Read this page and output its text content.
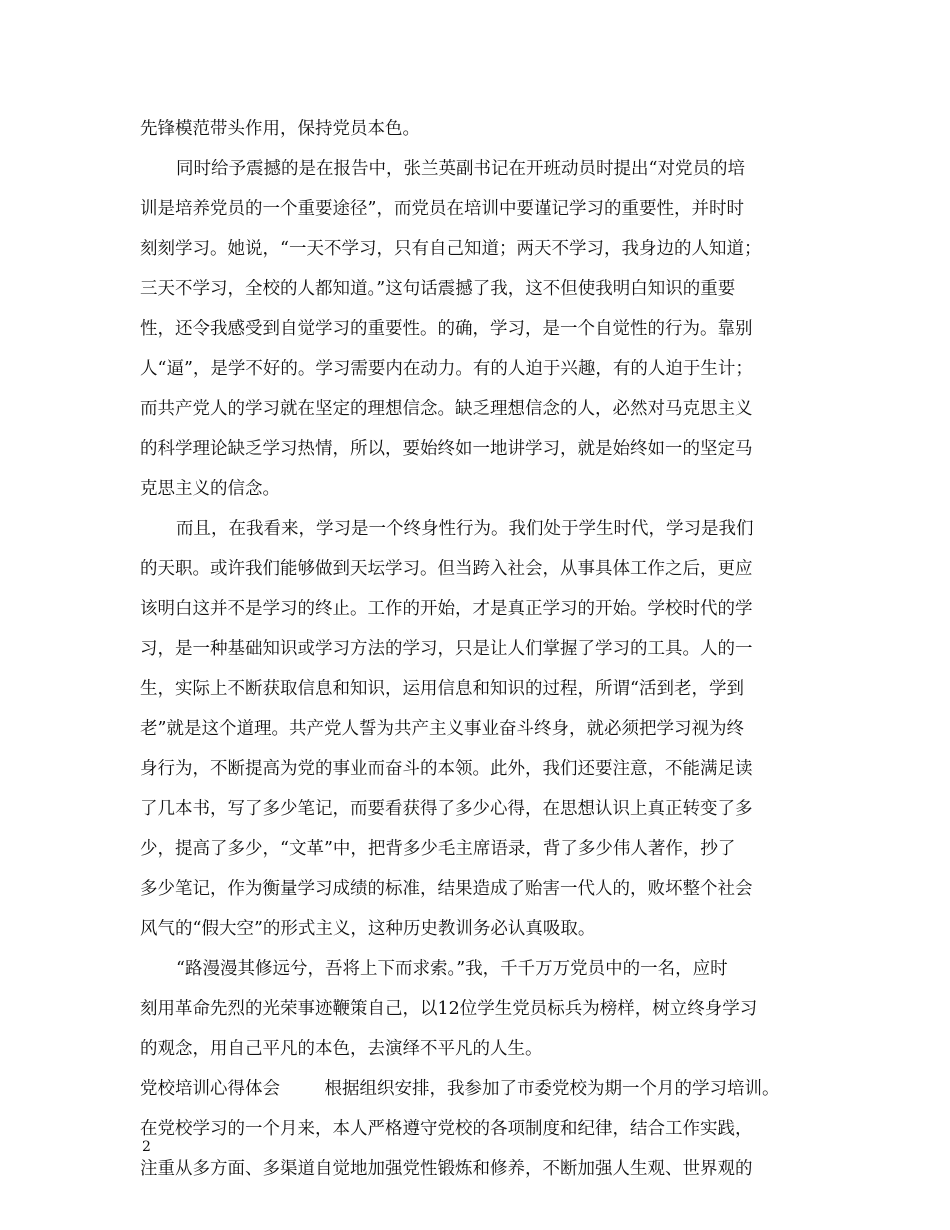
先锋模范带头作用，保持党员本色。
同时给予震撼的是在报告中，张兰英副书记在开班动员时提出“对党员的培
训是培养党员的一个重要途径”，而党员在培训中要谨记学习的重要性，并时时
刻刻学习。她说，“一天不学习，只有自己知道；两天不学习，我身边的人知道；
三天不学习，全校的人都知道。”这句话震撼了我，这不但使我明白知识的重要
性，还令我感受到自觉学习的重要性。的确，学习，是一个自觉性的行为。靠别
人“逼”，是学不好的。学习需要内在动力。有的人迫于兴趣，有的人迫于生计；
而共产党人的学习就在坚定的理想信念。缺乏理想信念的人，必然对马克思主义
的科学理论缺乏学习热情，所以，要始终如一地讲学习，就是始终如一的坚定马
克思主义的信念。
而且，在我看来，学习是一个终身性行为。我们处于学生时代，学习是我们
的天职。或许我们能够做到天坛学习。但当跨入社会，从事具体工作之后，更应
该明白这并不是学习的终止。工作的开始，才是真正学习的开始。学校时代的学
习，是一种基础知识或学习方法的学习，只是让人们掌握了学习的工具。人的一
生，实际上不断获取信息和知识，运用信息和知识的过程，所谓“活到老，学到
老”就是这个道理。共产党人誓为共产主义事业奋斗终身，就必须把学习视为终
身行为，不断提高为党的事业而奋斗的本领。此外，我们还要注意，不能满足读
了几本书，写了多少笔记，而要看获得了多少心得，在思想认识上真正转变了多
少，提高了多少，“文革”中，把背多少毛主席语录，背了多少伟人著作，抄了
多少笔记，作为衡量学习成绩的标准，结果造成了贻害一代人的，败坏整个社会
风气的“假大空”的形式主义，这种历史教训务必认真吸取。
“路漫漫其修远兮，吾将上下而求索。”我，千千万万党员中的一名，应时
刻用革命先烈的光荣事迹鞭策自己，以12位学生党员标兵为榜样，树立终身学习
的观念，用自己平凡的本色，去演绎不平凡的人生。
党校培训心得体会        根据组织安排，我参加了市委党校为期一个月的学习培训。
在党校学习的一个月来，本人严格遵守党校的各项制度和纪律，结合工作实践，
注重从多方面、多渠道自觉地加强党性锻炼和修养，不断加强人生观、世界观的
2
